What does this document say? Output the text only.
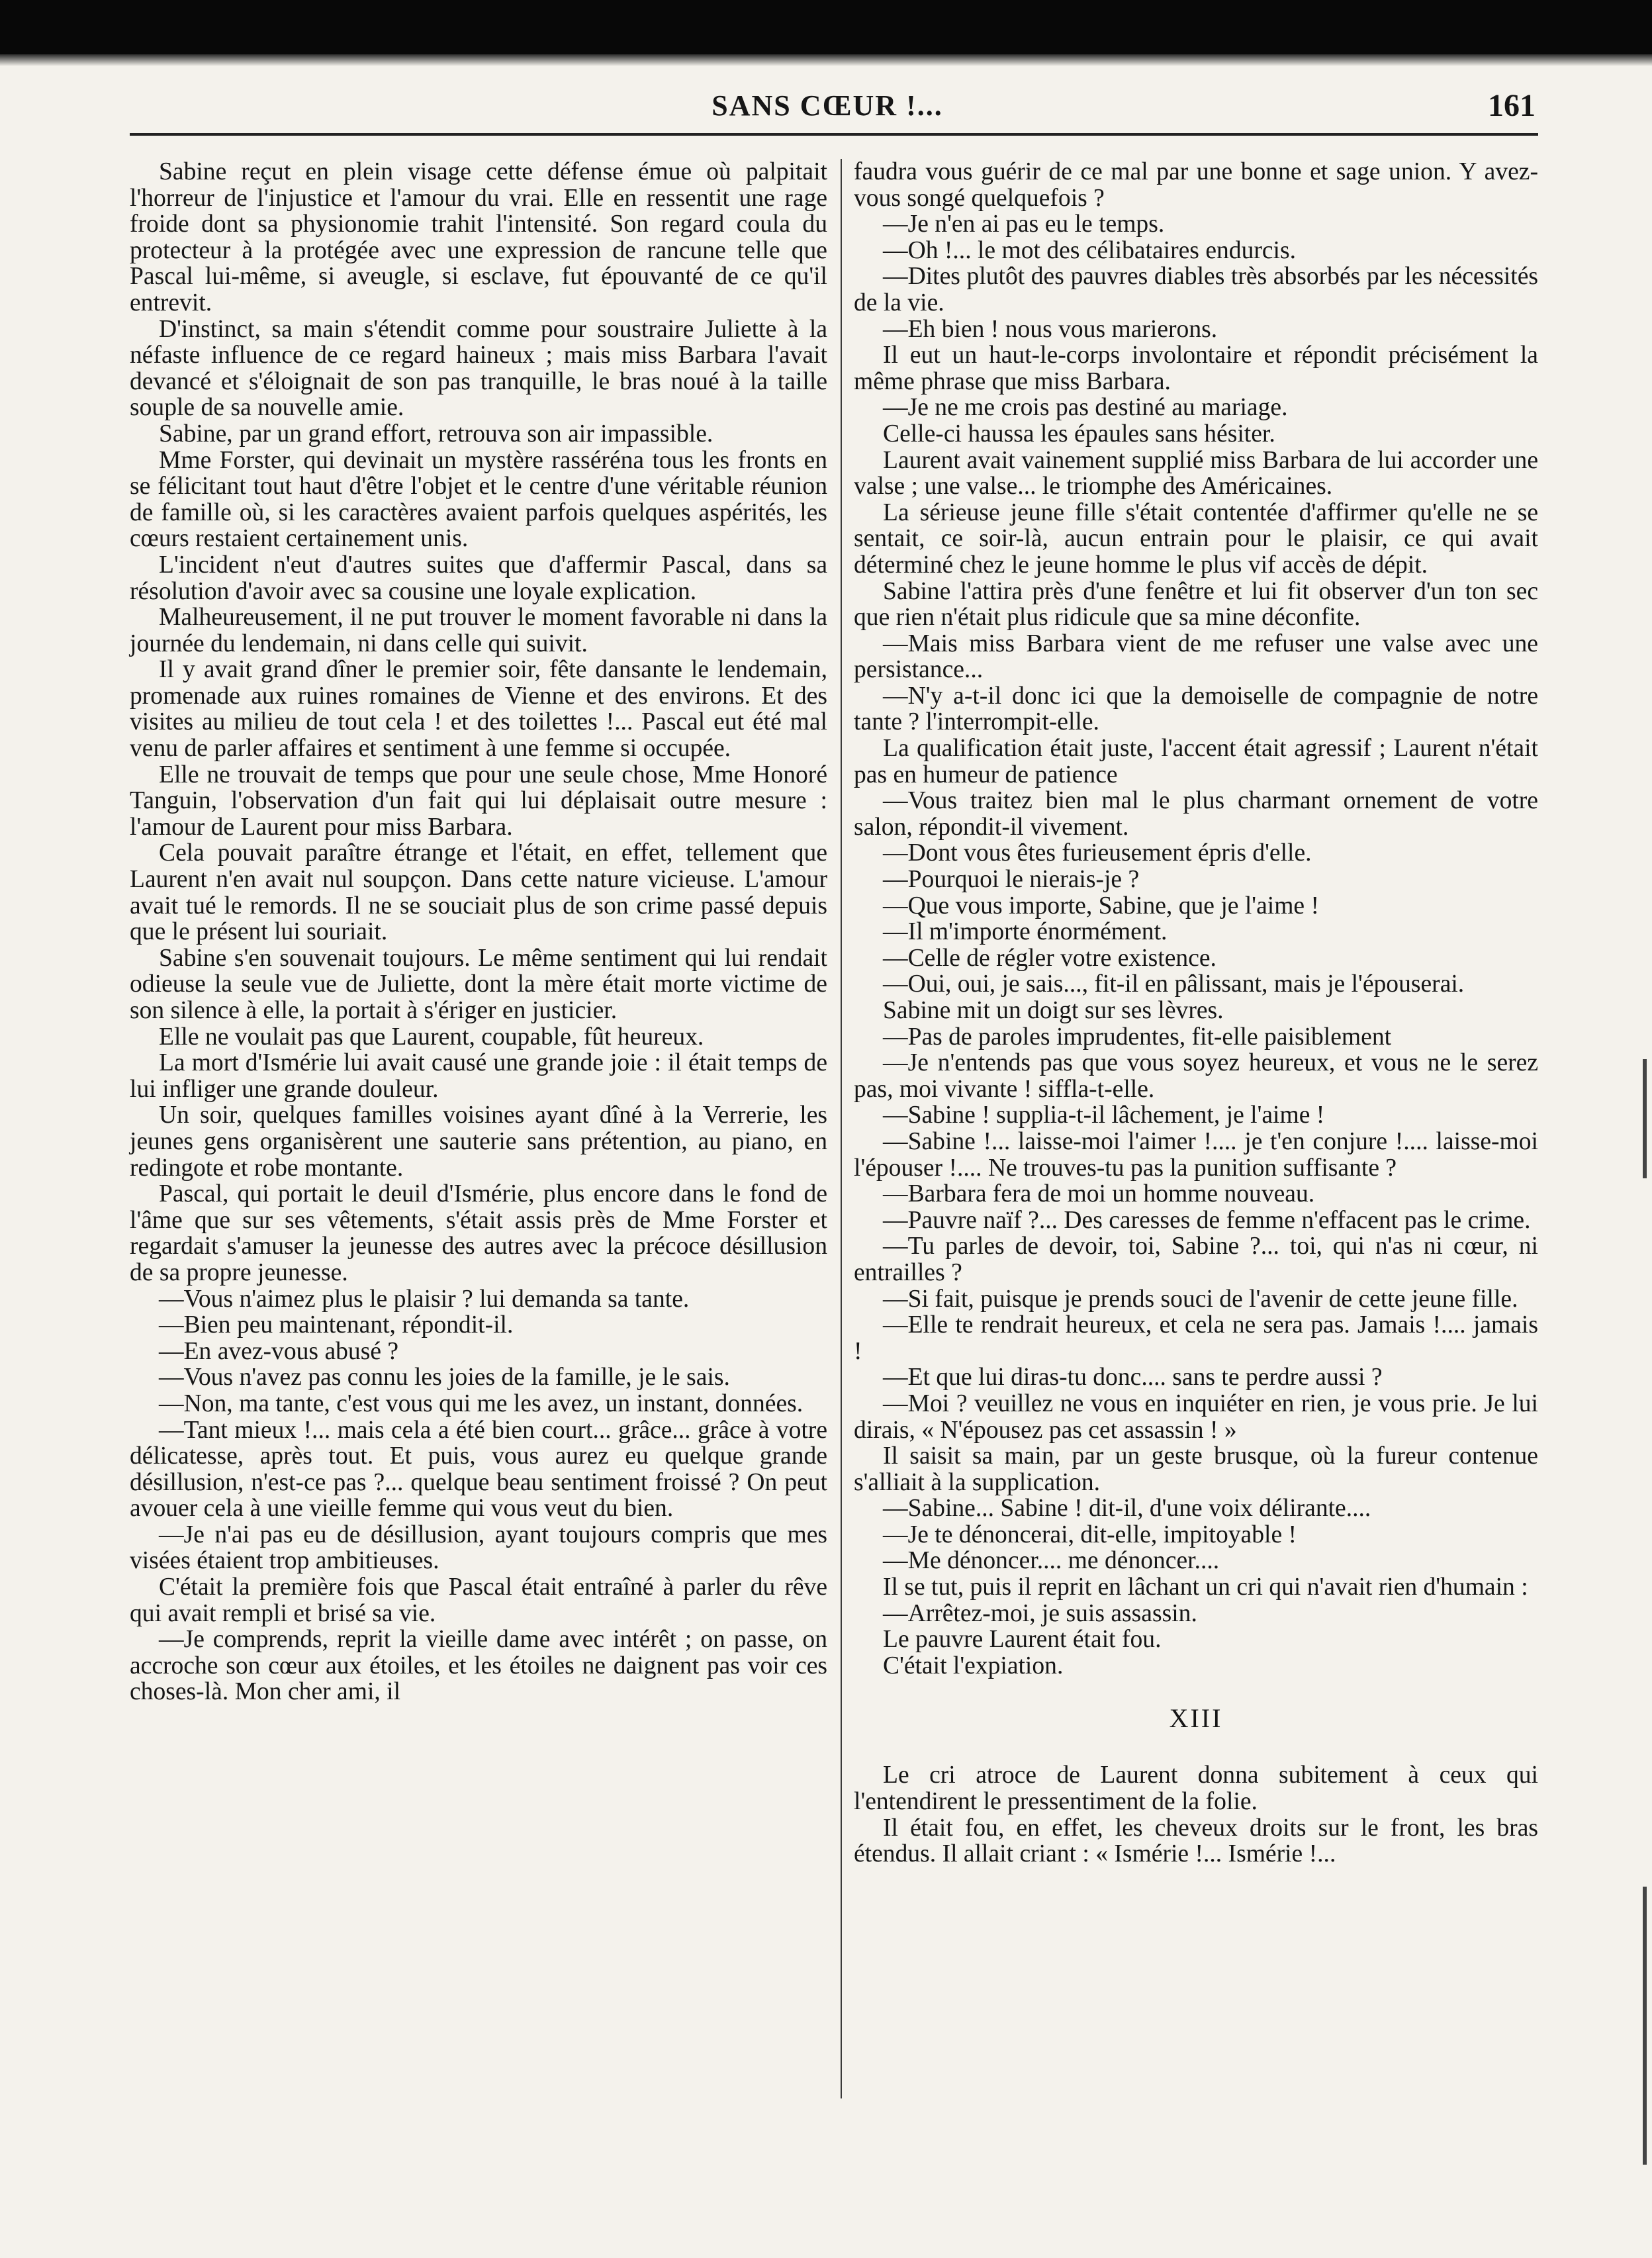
SANS CŒUR !...	161

Sabine reçut en plein visage cette défense émue où palpitait l'horreur de l'injustice et l'amour du vrai. Elle en ressentit une rage froide dont sa physionomie trahit l'intensité. Son regard coula du protecteur à la protégée avec une expression de rancune telle que Pascal lui-même, si aveugle, si esclave, fut épouvanté de ce qu'il entrevit.

D'instinct, sa main s'étendit comme pour soustraire Juliette à la néfaste influence de ce regard haineux ; mais miss Barbara l'avait devancé et s'éloignait de son pas tranquille, le bras noué à la taille souple de sa nouvelle amie.

Sabine, par un grand effort, retrouva son air impassible.

Mme Forster, qui devinait un mystère rasséréna tous les fronts en se félicitant tout haut d'être l'objet et le centre d'une véritable réunion de famille où, si les caractères avaient parfois quelques aspérités, les cœurs restaient certainement unis.

L'incident n'eut d'autres suites que d'affermir Pascal, dans sa résolution d'avoir avec sa cousine une loyale explication.

Malheureusement, il ne put trouver le moment favorable ni dans la journée du lendemain, ni dans celle qui suivit.

Il y avait grand dîner le premier soir, fête dansante le lendemain, promenade aux ruines romaines de Vienne et des environs. Et des visites au milieu de tout cela ! et des toilettes !... Pascal eut été mal venu de parler affaires et sentiment à une femme si occupée.

Elle ne trouvait de temps que pour une seule chose, Mme Honoré Tanguin, l'observation d'un fait qui lui déplaisait outre mesure : l'amour de Laurent pour miss Barbara.

Cela pouvait paraître étrange et l'était, en effet, tellement que Laurent n'en avait nul soupçon. Dans cette nature vicieuse. L'amour avait tué le remords. Il ne se souciait plus de son crime passé depuis que le présent lui souriait.

Sabine s'en souvenait toujours. Le même sentiment qui lui rendait odieuse la seule vue de Juliette, dont la mère était morte victime de son silence à elle, la portait à s'ériger en justicier.

Elle ne voulait pas que Laurent, coupable, fût heureux.

La mort d'Ismérie lui avait causé une grande joie : il était temps de lui infliger une grande douleur.

Un soir, quelques familles voisines ayant dîné à la Verrerie, les jeunes gens organisèrent une sauterie sans prétention, au piano, en redingote et robe montante.

Pascal, qui portait le deuil d'Ismérie, plus encore dans le fond de l'âme que sur ses vêtements, s'était assis près de Mme Forster et regardait s'amuser la jeunesse des autres avec la précoce désillusion de sa propre jeunesse.

—Vous n'aimez plus le plaisir ? lui demanda sa tante.

—Bien peu maintenant, répondit-il.

—En avez-vous abusé ?

—Vous n'avez pas connu les joies de la famille, je le sais.

—Non, ma tante, c'est vous qui me les avez, un instant, données.

—Tant mieux !... mais cela a été bien court... grâce... grâce à votre délicatesse, après tout. Et puis, vous aurez eu quelque grande désillusion, n'est-ce pas ?... quelque beau sentiment froissé ? On peut avouer cela à une vieille femme qui vous veut du bien.

—Je n'ai pas eu de désillusion, ayant toujours compris que mes visées étaient trop ambitieuses.

C'était la première fois que Pascal était entraîné à parler du rêve qui avait rempli et brisé sa vie.

—Je comprends, reprit la vieille dame avec intérêt ; on passe, on accroche son cœur aux étoiles, et les étoiles ne daignent pas voir ces choses-là. Mon cher ami, il

faudra vous guérir de ce mal par une bonne et sage union. Y avez-vous songé quelquefois ?

—Je n'en ai pas eu le temps.

—Oh !... le mot des célibataires endurcis.

—Dites plutôt des pauvres diables très absorbés par les nécessités de la vie.

—Eh bien ! nous vous marierons.

Il eut un haut-le-corps involontaire et répondit précisément la même phrase que miss Barbara.

—Je ne me crois pas destiné au mariage.

Celle-ci haussa les épaules sans hésiter.

Laurent avait vainement supplié miss Barbara de lui accorder une valse ; une valse... le triomphe des Américaines.

La sérieuse jeune fille s'était contentée d'affirmer qu'elle ne se sentait, ce soir-là, aucun entrain pour le plaisir, ce qui avait déterminé chez le jeune homme le plus vif accès de dépit.

Sabine l'attira près d'une fenêtre et lui fit observer d'un ton sec que rien n'était plus ridicule que sa mine déconfite.

—Mais miss Barbara vient de me refuser une valse avec une persistance...

—N'y a-t-il donc ici que la demoiselle de compagnie de notre tante ? l'interrompit-elle.

La qualification était juste, l'accent était agressif ; Laurent n'était pas en humeur de patience

—Vous traitez bien mal le plus charmant ornement de votre salon, répondit-il vivement.

—Dont vous êtes furieusement épris d'elle.

—Pourquoi le nierais-je ?

—Que vous importe, Sabine, que je l'aime !

—Il m'importe énormément.

—Celle de régler votre existence.

—Oui, oui, je sais..., fit-il en pâlissant, mais je l'épouserai.

Sabine mit un doigt sur ses lèvres.

—Pas de paroles imprudentes, fit-elle paisiblement

—Je n'entends pas que vous soyez heureux, et vous ne le serez pas, moi vivante ! siffla-t-elle.

—Sabine ! supplia-t-il lâchement, je l'aime !

—Sabine !... laisse-moi l'aimer !.... je t'en conjure !.... laisse-moi l'épouser !.... Ne trouves-tu pas la punition suffisante ?

—Barbara fera de moi un homme nouveau.

—Pauvre naïf ?... Des caresses de femme n'effacent pas le crime.

—Tu parles de devoir, toi, Sabine ?... toi, qui n'as ni cœur, ni entrailles ?

—Si fait, puisque je prends souci de l'avenir de cette jeune fille.

—Elle te rendrait heureux, et cela ne sera pas. Jamais !.... jamais !

—Et que lui diras-tu donc.... sans te perdre aussi ?

—Moi ? veuillez ne vous en inquiéter en rien, je vous prie. Je lui dirais, « N'épousez pas cet assassin ! »

Il saisit sa main, par un geste brusque, où la fureur contenue s'alliait à la supplication.

—Sabine... Sabine ! dit-il, d'une voix délirante....

—Je te dénoncerai, dit-elle, impitoyable !

—Me dénoncer.... me dénoncer....

Il se tut, puis il reprit en lâchant un cri qui n'avait rien d'humain :

—Arrêtez-moi, je suis assassin.

Le pauvre Laurent était fou.

C'était l'expiation.

XIII

Le cri atroce de Laurent donna subitement à ceux qui l'entendirent le pressentiment de la folie.

Il était fou, en effet, les cheveux droits sur le front, les bras étendus. Il allait criant : « Ismérie !... Ismérie !...
